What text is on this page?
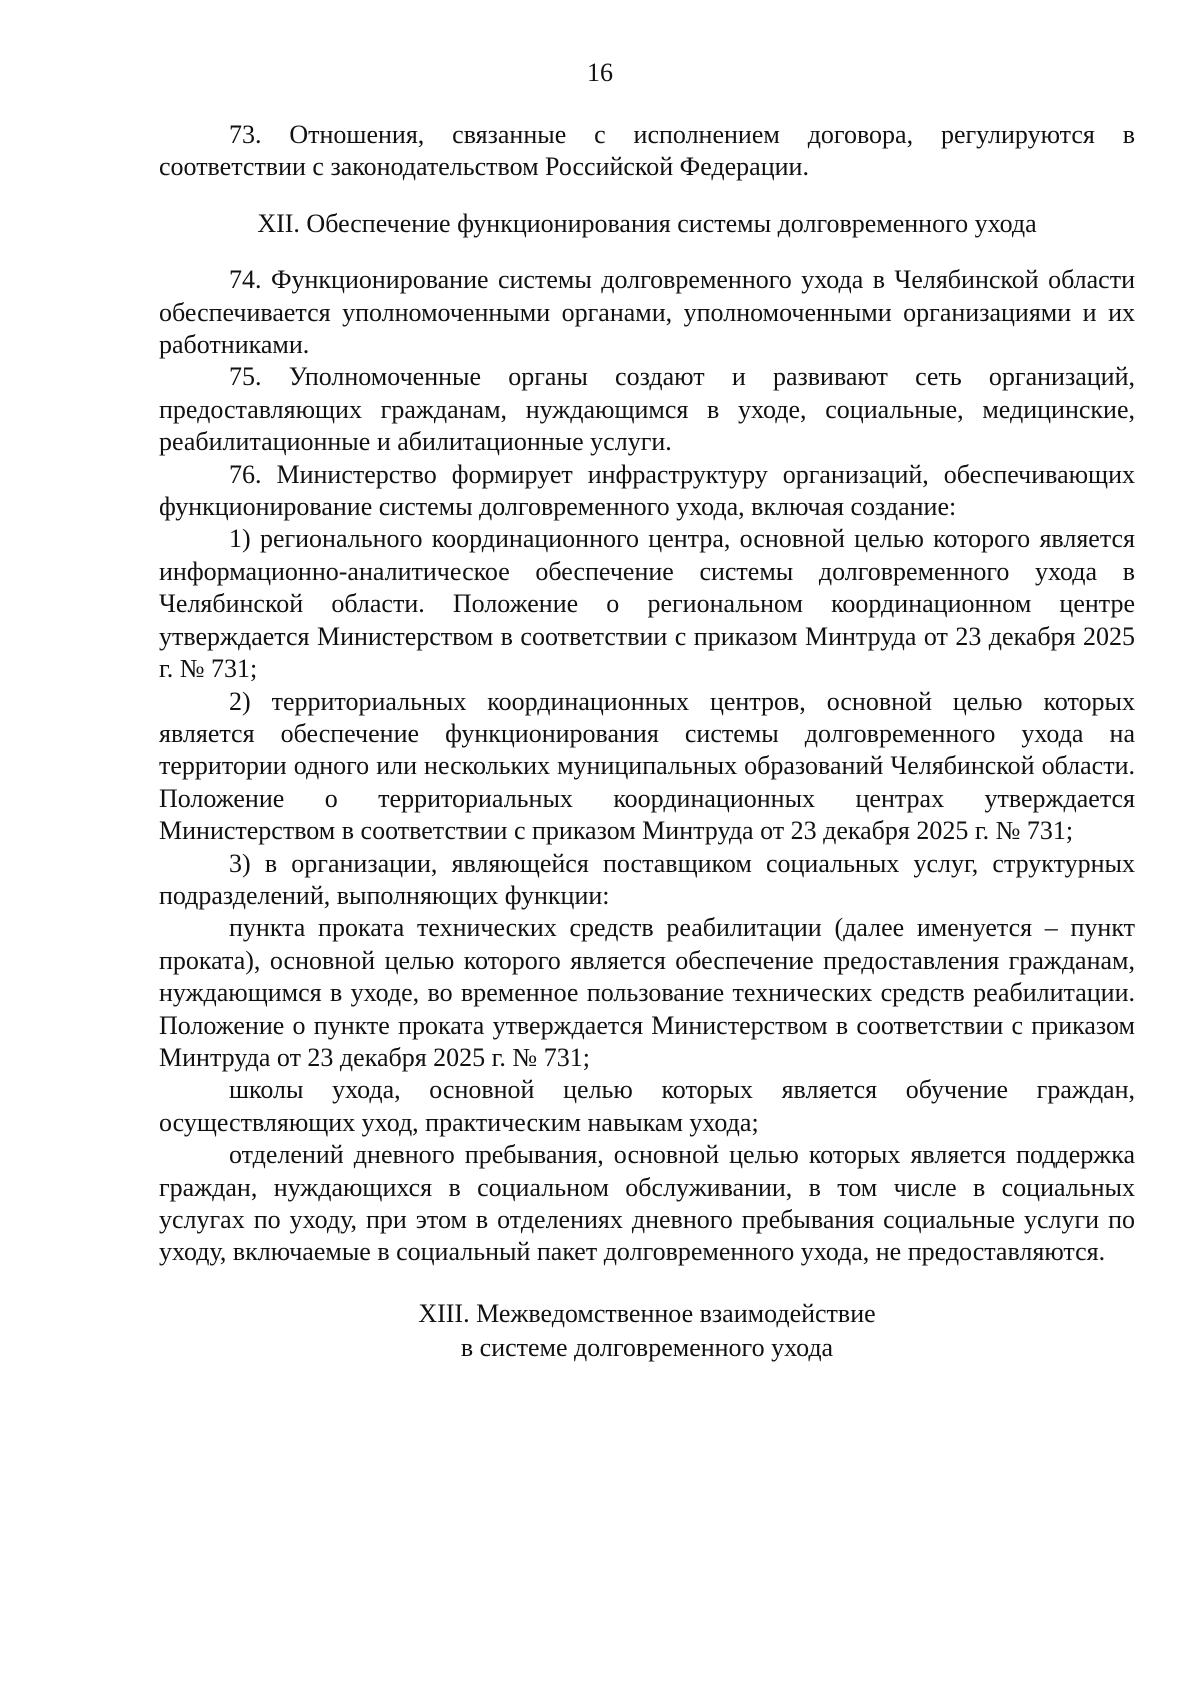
16

73. Отношения, связанные с исполнением договора, регулируются в соответствии с законодательством Российской Федерации.

XII. Обеспечение функционирования системы долговременного ухода

74. Функционирование системы долговременного ухода в Челябинской области обеспечивается уполномоченными органами, уполномоченными организациями и их работниками.

75. Уполномоченные органы создают и развивают сеть организаций, предоставляющих гражданам, нуждающимся в уходе, социальные, медицинские, реабилитационные и абилитационные услуги.

76. Министерство формирует инфраструктуру организаций, обеспечивающих функционирование системы долговременного ухода, включая создание:

1) регионального координационного центра, основной целью которого является информационно-аналитическое обеспечение системы долговременного ухода в Челябинской области. Положение о региональном координационном центре утверждается Министерством в соответствии с приказом Минтруда от 23 декабря 2025 г. № 731;

2) территориальных координационных центров, основной целью которых является обеспечение функционирования системы долговременного ухода на территории одного или нескольких муниципальных образований Челябинской области. Положение о территориальных координационных центрах утверждается Министерством в соответствии с приказом Минтруда от 23 декабря 2025 г. № 731;

3) в организации, являющейся поставщиком социальных услуг, структурных подразделений, выполняющих функции:

пункта проката технических средств реабилитации (далее именуется – пункт проката), основной целью которого является обеспечение предоставления гражданам, нуждающимся в уходе, во временное пользование технических средств реабилитации. Положение о пункте проката утверждается Министерством в соответствии с приказом Минтруда от 23 декабря 2025 г. № 731;

школы ухода, основной целью которых является обучение граждан, осуществляющих уход, практическим навыкам ухода;

отделений дневного пребывания, основной целью которых является поддержка граждан, нуждающихся в социальном обслуживании, в том числе в социальных услугах по уходу, при этом в отделениях дневного пребывания социальные услуги по уходу, включаемые в социальный пакет долговременного ухода, не предоставляются.

XIII. Межведомственное взаимодействие
в системе долговременного ухода
